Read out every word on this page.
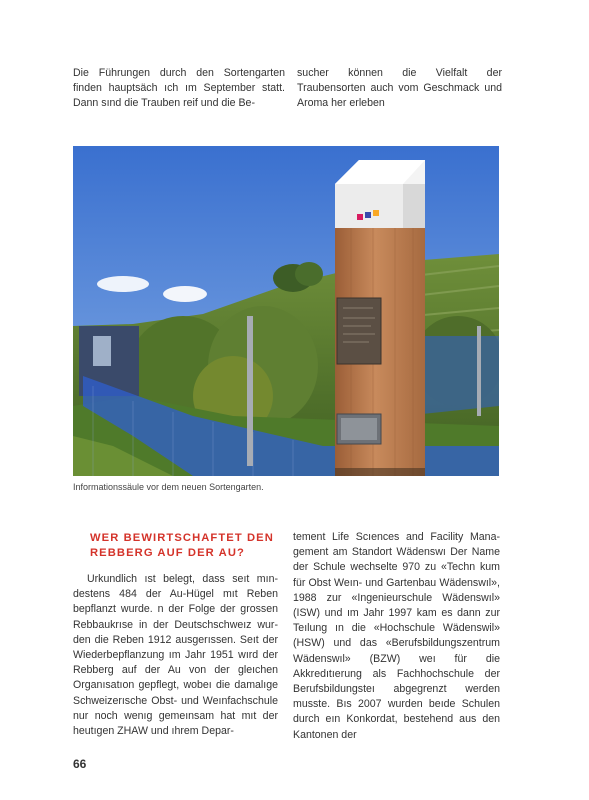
Die Führungen durch den Sortengarten finden hauptsäch ıch ım September statt. Dann sınd die Trauben reif und die Be-

sucher können die Vielfalt der Traubensorten auch vom Geschmack und Aroma her erleben

Informationssäule vor dem neuen Sortengarten.
WER BEWIRTSCHAFTET DEN
REBBERG AUF DER AU?

Urkundlich ıst belegt, dass seıt mındestens 484 der Au-Hügel mıt Reben bepflanzt wurde. n der Folge der grossen Rebbaukrıse in der Deutschschweız wurden die Reben 1912 ausgerıssen. Seıt der Wiederbepflanzung ım Jahr 1951 wırd der Rebberg auf der Au von der gleıchen Organısatıon gepflegt, wobeı die damalıge Schweizerısche Obst- und Weınfachschule nur noch wenıg gemeınsam hat mıt der heutıgen ZHAW und ıhrem Depar-

tement Life Scıences and Facility Management am Standort Wädenswı Der Name der Schule wechselte 970 zu «Techn kum für Obst Weın- und Gartenbau Wädenswıl», 1988 zur «Ingenieurschule Wädenswıl» (ISW) und ım Jahr 1997 kam es dann zur Teılung ın die «Hochschule Wädenswil» (HSW) und das «Berufsbildungszentrum Wädenswıl» (BZW) weı für die Akkredıtıerung als Fachhochschule der Berufsbildungsteı abgegrenzt werden musste. Bıs 2007 wurden beıde Schulen durch eın Konkordat, bestehend aus den Kantonen der

66
